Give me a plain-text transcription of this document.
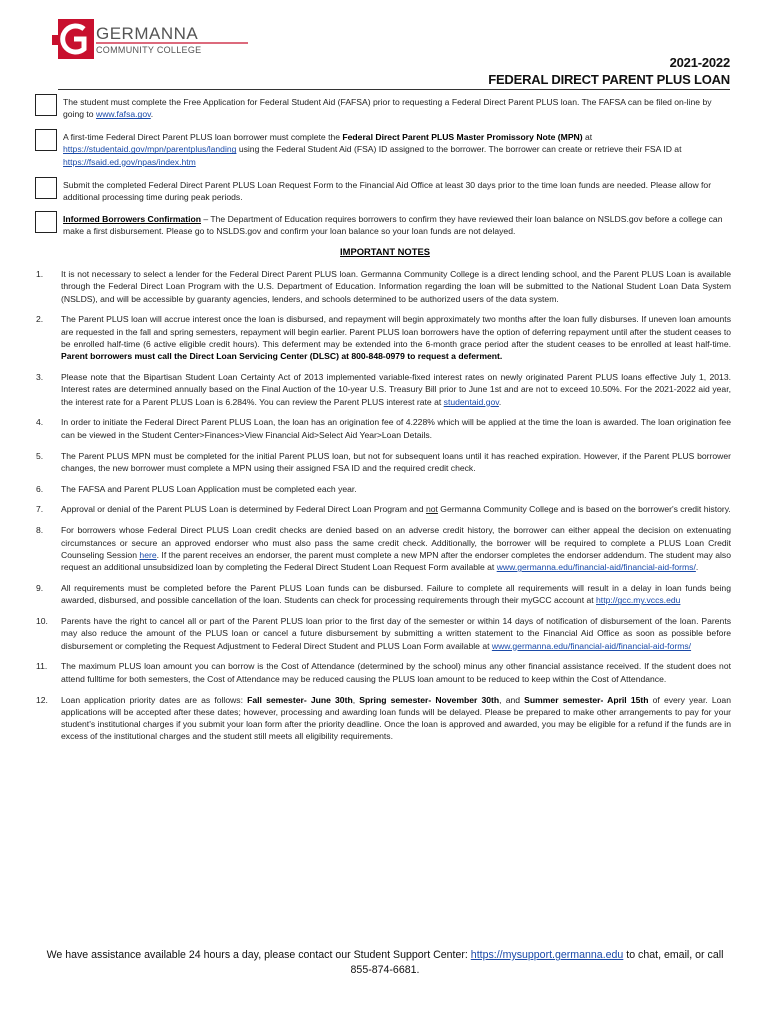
GERMANNA
COMMUNITY COLLEGE
2021-2022
FEDERAL DIRECT PARENT PLUS LOAN
The student must complete the Free Application for Federal Student Aid (FAFSA) prior to requesting a Federal Direct Parent PLUS loan. The FAFSA can be filed on-line by going to www.fafsa.gov.
A first-time Federal Direct Parent PLUS loan borrower must complete the Federal Direct Parent PLUS Master Promissory Note (MPN) at https://studentaid.gov/mpn/parentplus/landing using the Federal Student Aid (FSA) ID assigned to the borrower. The borrower can create or retrieve their FSA ID at https://fsaid.ed.gov/npas/index.htm
Submit the completed Federal Direct Parent PLUS Loan Request Form to the Financial Aid Office at least 30 days prior to the time loan funds are needed. Please allow for additional processing time during peak periods.
Informed Borrowers Confirmation – The Department of Education requires borrowers to confirm they have reviewed their loan balance on NSLDS.gov before a college can make a first disbursement. Please go to NSLDS.gov and confirm your loan balance so your loan funds are not delayed.
IMPORTANT NOTES
1.	It is not necessary to select a lender for the Federal Direct Parent PLUS loan. Germanna Community College is a direct lending school, and the Parent PLUS Loan is available through the Federal Direct Loan Program with the U.S. Department of Education. Information regarding the loan will be submitted to the National Student Loan Data System (NSLDS), and will be accessible by guaranty agencies, lenders, and schools determined to be authorized users of the data system.
2.	The Parent PLUS loan will accrue interest once the loan is disbursed, and repayment will begin approximately two months after the loan fully disburses. If uneven loan amounts are requested in the fall and spring semesters, repayment will begin earlier. Parent PLUS loan borrowers have the option of deferring repayment until after the student ceases to be enrolled half-time (6 active eligible credit hours). This deferment may be extended into the 6-month grace period after the student ceases to be enrolled at least half-time. Parent borrowers must call the Direct Loan Servicing Center (DLSC) at 800-848-0979 to request a deferment.
3.	Please note that the Bipartisan Student Loan Certainty Act of 2013 implemented variable-fixed interest rates on newly originated Parent PLUS loans effective July 1, 2013. Interest rates are determined annually based on the Final Auction of the 10-year U.S. Treasury Bill prior to June 1st and are not to exceed 10.50%. For the 2021-2022 aid year, the interest rate for a Parent PLUS Loan is 6.284%. You can review the Parent PLUS interest rate at studentaid.gov.
4.	In order to initiate the Federal Direct Parent PLUS Loan, the loan has an origination fee of 4.228% which will be applied at the time the loan is awarded. The loan origination fee can be viewed in the Student Center>Finances>View Financial Aid>Select Aid Year>Loan Details.
5.	The Parent PLUS MPN must be completed for the initial Parent PLUS loan, but not for subsequent loans until it has reached expiration. However, if the Parent PLUS borrower changes, the new borrower must complete a MPN using their assigned FSA ID and the required credit check.
6.	The FAFSA and Parent PLUS Loan Application must be completed each year.
7.	Approval or denial of the Parent PLUS Loan is determined by Federal Direct Loan Program and not Germanna Community College and is based on the borrower's credit history.
8.	For borrowers whose Federal Direct PLUS Loan credit checks are denied based on an adverse credit history, the borrower can either appeal the decision on extenuating circumstances or secure an approved endorser who must also pass the same credit check. Additionally, the borrower will be required to complete a PLUS Loan Credit Counseling Session here. If the parent receives an endorser, the parent must complete a new MPN after the endorser completes the endorser addendum. The student may also request an additional unsubsidized loan by completing the Federal Direct Student Loan Request Form available at www.germanna.edu/financial-aid/financial-aid-forms/.
9.	All requirements must be completed before the Parent PLUS Loan funds can be disbursed. Failure to complete all requirements will result in a delay in loan funds being awarded, disbursed, and possible cancellation of the loan. Students can check for processing requirements through their myGCC account at http://gcc.my.vccs.edu
10.	Parents have the right to cancel all or part of the Parent PLUS loan prior to the first day of the semester or within 14 days of notification of disbursement of the loan. Parents may also reduce the amount of the PLUS loan or cancel a future disbursement by submitting a written statement to the Financial Aid Office as soon as possible before disbursement or completing the Request Adjustment to Federal Direct Student and PLUS Loan Form available at www.germanna.edu/financial-aid/financial-aid-forms/
11.	The maximum PLUS loan amount you can borrow is the Cost of Attendance (determined by the school) minus any other financial assistance received. If the student does not attend fulltime for both semesters, the Cost of Attendance may be reduced causing the PLUS loan amount to be reduced to keep within the Cost of Attendance.
12.	Loan application priority dates are as follows: Fall semester- June 30th, Spring semester- November 30th, and Summer semester- April 15th of every year. Loan applications will be accepted after these dates; however, processing and awarding loan funds will be delayed. Please be prepared to make other arrangements to pay for your student's institutional charges if you submit your loan form after the priority deadline. Once the loan is approved and awarded, you may be eligible for a refund if the funds are in excess of the institutional charges and the student still meets all eligibility requirements.
We have assistance available 24 hours a day, please contact our Student Support Center: https://mysupport.germanna.edu to chat, email, or call 855-874-6681.
